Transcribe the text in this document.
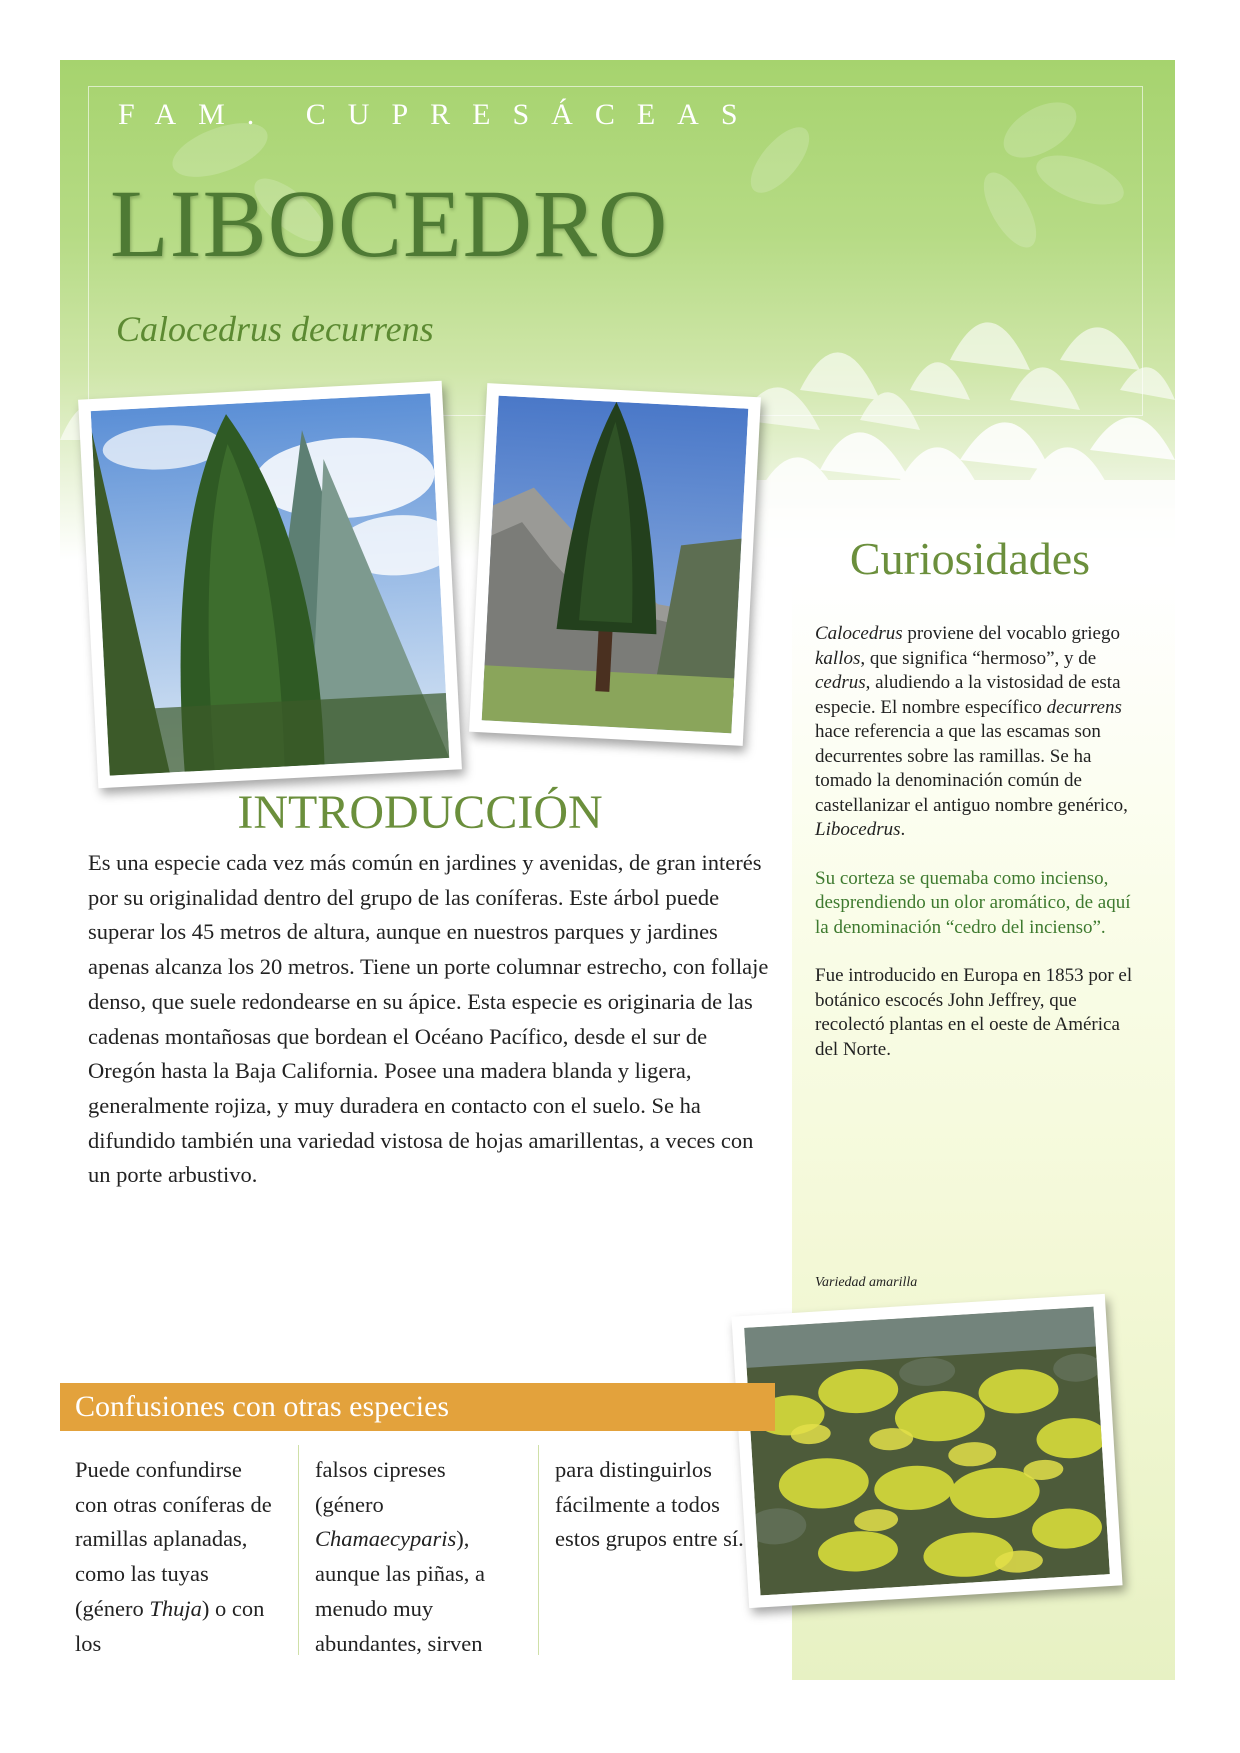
FAM. CUPRESÁCEAS
LIBOCEDRO
Calocedrus decurrens
Curiosidades

Calocedrus proviene del vocablo griego kallos, que significa “hermoso”, y de cedrus, aludiendo a la vistosidad de esta especie. El nombre específico decurrens hace referencia a que las escamas son decurrentes sobre las ramillas. Se ha tomado la denominación común de castellanizar el antiguo nombre genérico, Libocedrus.

Su corteza se quemaba como incienso, desprendiendo un olor aromático, de aquí la denominación “cedro del incienso”.

Fue introducido en Europa en 1853 por el botánico escocés John Jeffrey, que recolectó plantas en el oeste de América del Norte.

Variedad amarilla

INTRODUCCIÓN

Es una especie cada vez más común en jardines y avenidas, de gran interés por su originalidad dentro del grupo de las coníferas. Este árbol puede superar los 45 metros de altura, aunque en nuestros parques y jardines apenas alcanza los 20 metros. Tiene un porte columnar estrecho, con follaje denso, que suele redondearse en su ápice. Esta especie es originaria de las cadenas montañosas que bordean el Océano Pacífico, desde el sur de Oregón hasta la Baja California. Posee una madera blanda y ligera, generalmente rojiza, y muy duradera en contacto con el suelo. Se ha difundido también una variedad vistosa de hojas amarillentas, a veces con un porte arbustivo.

Confusiones con otras especies

Puede confundirse con otras coníferas de ramillas aplanadas, como las tuyas (género Thuja) o con los

falsos cipreses (género Chamaecyparis), aunque las piñas, a menudo muy abundantes, sirven

para distinguirlos fácilmente a todos estos grupos entre sí.
